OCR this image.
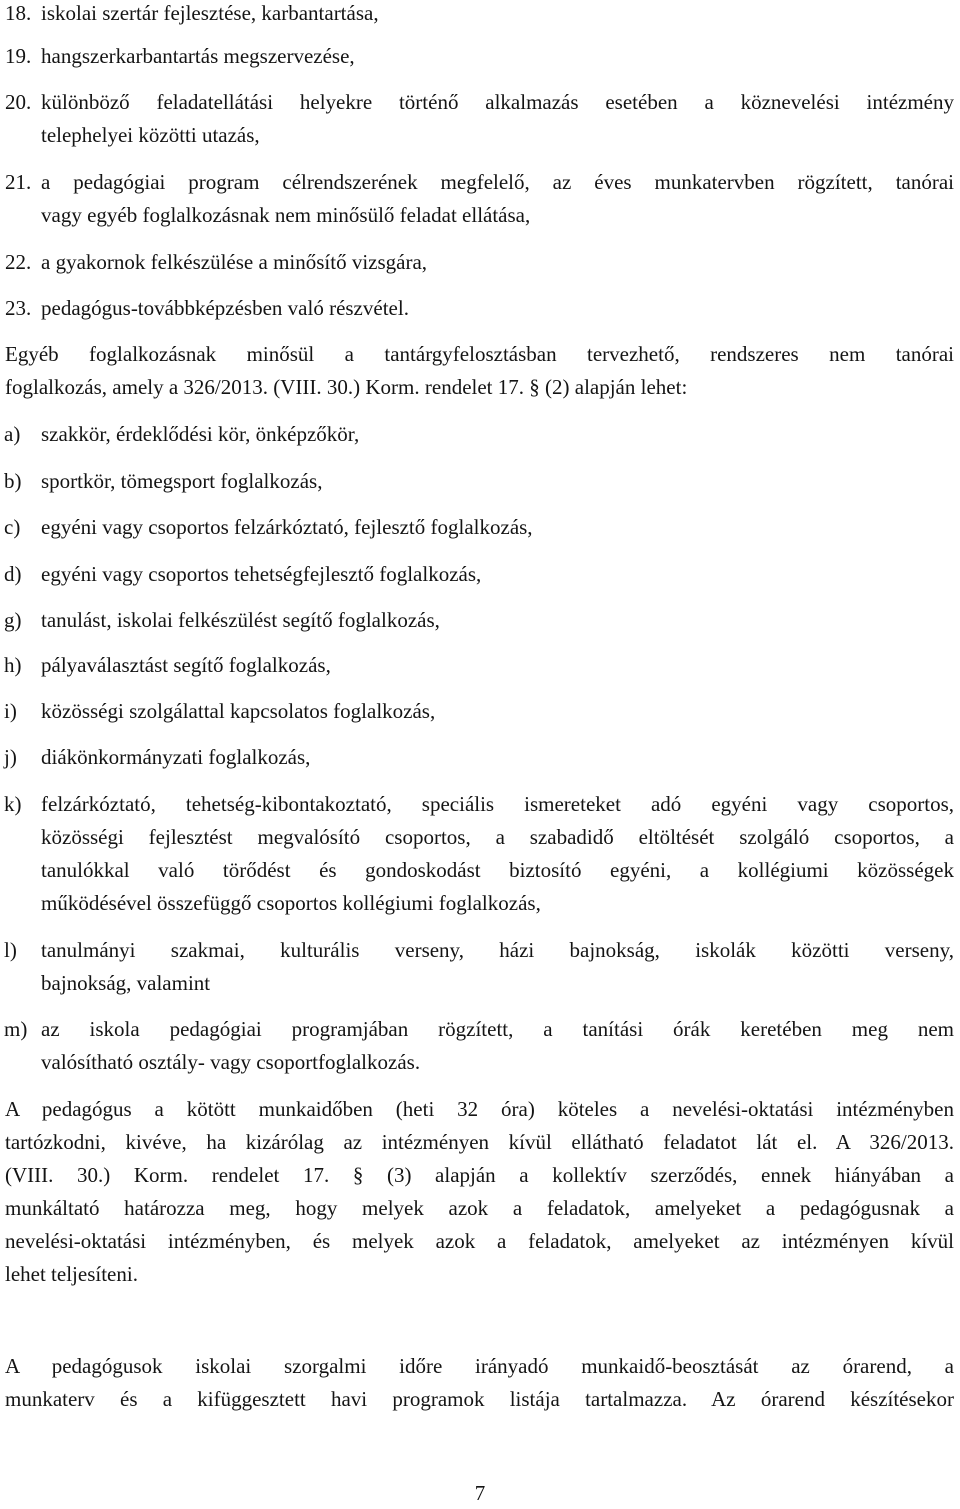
18. iskolai szertár fejlesztése, karbantartása,
19. hangszerkarbantartás megszervezése,
20. különböző feladatellátási helyekre történő alkalmazás esetében a köznevelési intézmény
telephelyei közötti utazás,
21. a pedagógiai program célrendszerének megfelelő, az éves munkatervben rögzített, tanórai
vagy egyéb foglalkozásnak nem minősülő feladat ellátása,
22. a gyakornok felkészülése a minősítő vizsgára,
23. pedagógus-továbbképzésben való részvétel.
Egyéb foglalkozásnak minősül a tantárgyfelosztásban tervezhető, rendszeres nem tanórai
foglalkozás, amely a 326/2013. (VIII. 30.) Korm. rendelet 17. § (2) alapján lehet:
a) szakkör, érdeklődési kör, önképzőkör,
b) sportkör, tömegsport foglalkozás,
c) egyéni vagy csoportos felzárkóztató, fejlesztő foglalkozás,
d) egyéni vagy csoportos tehetségfejlesztő foglalkozás,
g) tanulást, iskolai felkészülést segítő foglalkozás,
h) pályaválasztást segítő foglalkozás,
i) közösségi szolgálattal kapcsolatos foglalkozás,
j) diákönkormányzati foglalkozás,
k) felzárkóztató, tehetség-kibontakoztató, speciális ismereteket adó egyéni vagy csoportos,
közösségi fejlesztést megvalósító csoportos, a szabadidő eltöltését szolgáló csoportos, a
tanulókkal való törődést és gondoskodást biztosító egyéni, a kollégiumi közösségek
működésével összefüggő csoportos kollégiumi foglalkozás,
l) tanulmányi szakmai, kulturális verseny, házi bajnokság, iskolák közötti verseny,
bajnokság, valamint
m) az iskola pedagógiai programjában rögzített, a tanítási órák keretében meg nem
valósítható osztály- vagy csoportfoglalkozás.
A pedagógus a kötött munkaidőben (heti 32 óra) köteles a nevelési-oktatási intézményben
tartózkodni, kivéve, ha kizárólag az intézményen kívül ellátható feladatot lát el. A 326/2013.
(VIII. 30.) Korm. rendelet 17. § (3) alapján a kollektív szerződés, ennek hiányában a
munkáltató határozza meg, hogy melyek azok a feladatok, amelyeket a pedagógusnak a
nevelési-oktatási intézményben, és melyek azok a feladatok, amelyeket az intézményen kívül
lehet teljesíteni.
A pedagógusok iskolai szorgalmi időre irányadó munkaidő-beosztását az órarend, a
munkaterv és a kifüggesztett havi programok listája tartalmazza. Az órarend készítésekor
7
